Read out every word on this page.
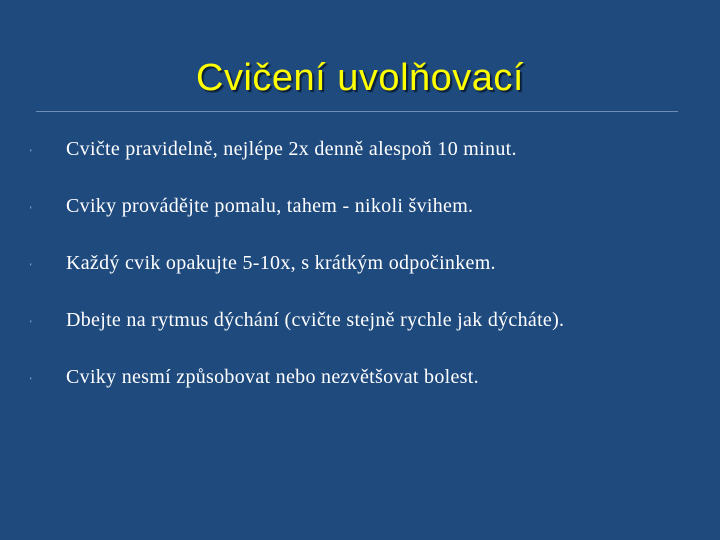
Cvičení uvolňovací
' Cvičte pravidelně, nejlépe 2x denně alespoň 10 minut.
' Cviky provádějte pomalu, tahem - nikoli švihem.
' Každý cvik opakujte 5-10x, s krátkým odpočinkem.
' Dbejte na rytmus dýchání (cvičte stejně rychle jak dýcháte).
' Cviky nesmí způsobovat nebo nezvětšovat bolest.
